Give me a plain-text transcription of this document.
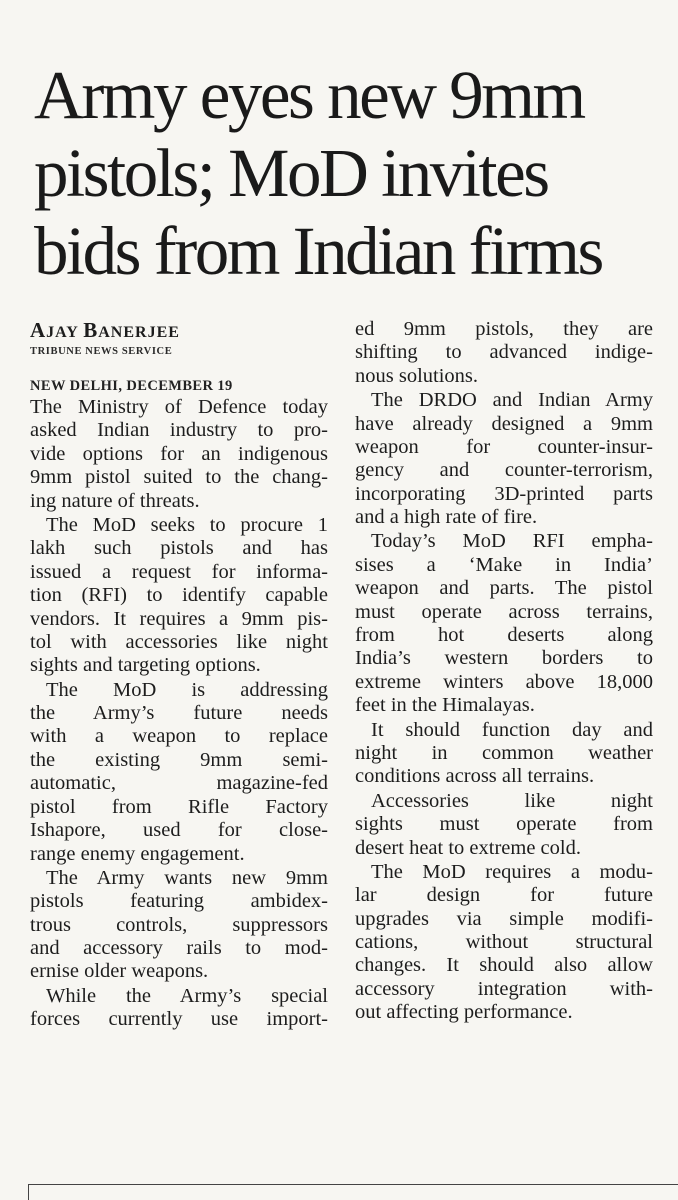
Army eyes new 9mm
pistols; MoD invites
bids from Indian firms
AJAY BANERJEE
TRIBUNE NEWS SERVICE
NEW DELHI, DECEMBER 19
The Ministry of Defence today
asked Indian industry to pro-
vide options for an indigenous
9mm pistol suited to the chang-
ing nature of threats.
The MoD seeks to procure 1
lakh such pistols and has
issued a request for informa-
tion (RFI) to identify capable
vendors. It requires a 9mm pis-
tol with accessories like night
sights and targeting options.
The MoD is addressing
the Army’s future needs
with a weapon to replace
the existing 9mm semi-
automatic, magazine-fed
pistol from Rifle Factory
Ishapore, used for close-
range enemy engagement.
The Army wants new 9mm
pistols featuring ambidex-
trous controls, suppressors
and accessory rails to mod-
ernise older weapons.
While the Army’s special
forces currently use import-
ed 9mm pistols, they are
shifting to advanced indige-
nous solutions.
The DRDO and Indian Army
have already designed a 9mm
weapon for counter-insur-
gency and counter-terrorism,
incorporating 3D-printed parts
and a high rate of fire.
Today’s MoD RFI empha-
sises a ‘Make in India’
weapon and parts. The pistol
must operate across terrains,
from hot deserts along
India’s western borders to
extreme winters above 18,000
feet in the Himalayas.
It should function day and
night in common weather
conditions across all terrains.
Accessories like night
sights must operate from
desert heat to extreme cold.
The MoD requires a modu-
lar design for future
upgrades via simple modifi-
cations, without structural
changes. It should also allow
accessory integration with-
out affecting performance.
